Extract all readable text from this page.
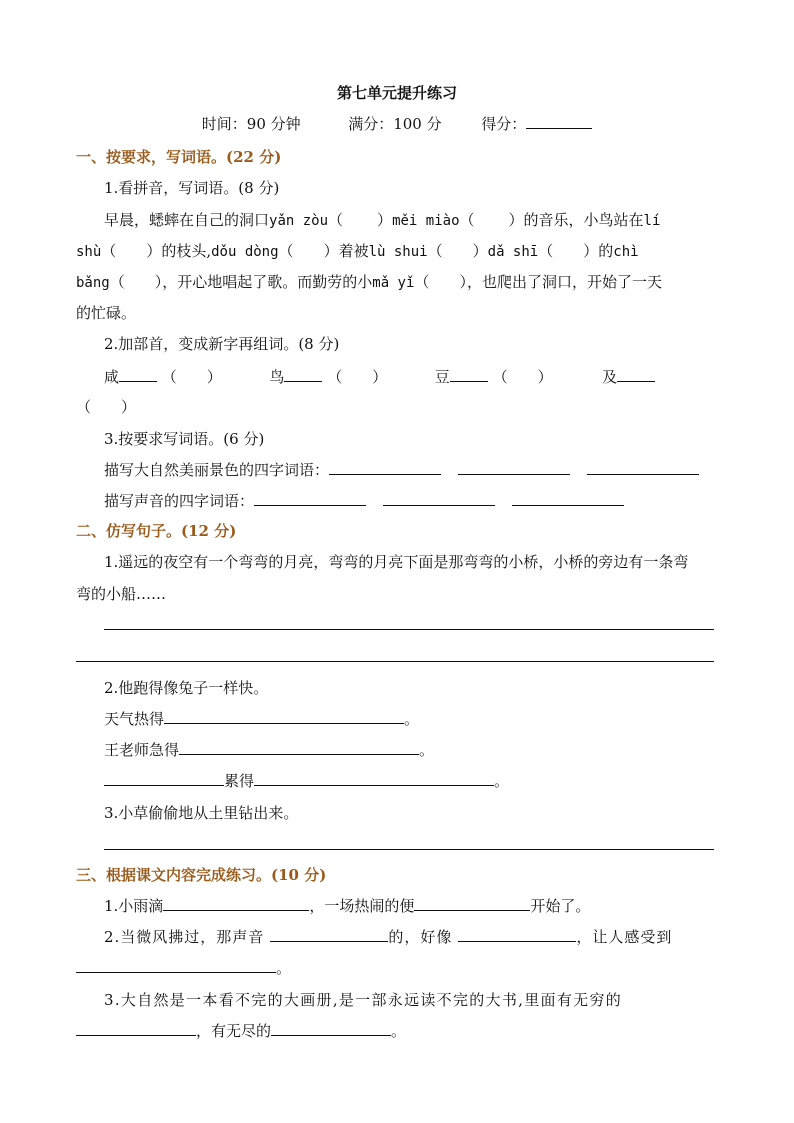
第七单元提升练习
时间：90 分钟	满分：100 分	得分：
一、按要求，写词语。(22 分)
1.看拼音，写词语。(8 分)
早晨，蟋蟀在自己的洞口yǎn zòu（ ）měi miào（ ）的音乐，小鸟站在lí
shù（ ）的枝头,dǒu dòng（ ）着被lù shui（ ）dǎ shī（ ）的chì
bǎng（ ），开心地唱起了歌。而勤劳的小mǎ yǐ（ ），也爬出了洞口，开始了一天
的忙碌。
2.加部首，变成新字再组词。(8 分)
咸	（ ）	鸟	（ ）	豆	（ ）	及
（ ）
3.按要求写词语。(6 分)
描写大自然美丽景色的四字词语：
描写声音的四字词语：
二、仿写句子。(12 分)
1.遥远的夜空有一个弯弯的月亮，弯弯的月亮下面是那弯弯的小桥，小桥的旁边有一条弯
弯的小船……
2.他跑得像兔子一样快。
天气热得	。
王老师急得	。
累得	。
3.小草偷偷地从土里钻出来。
三、根据课文内容完成练习。(10 分)
1.小雨滴	，一场热闹的便	开始了。
2.当微风拂过，那声音	的，好像	，让人感受到
。
3.大自然是一本看不完的大画册,是一部永远读不完的大书,里面有无穷的
，有无尽的	。
